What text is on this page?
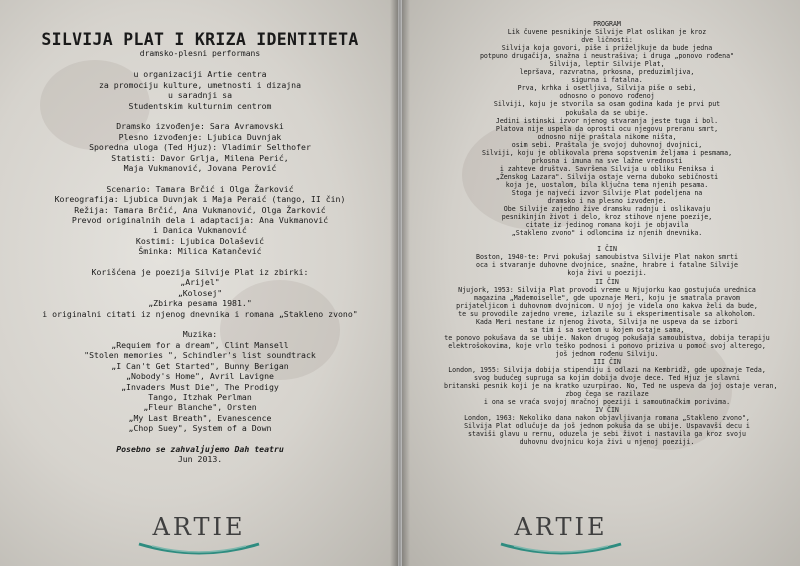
SILVIJA PLAT I KRIZA IDENTITETA
dramsko-plesni performans
u organizaciji Artie centra
za promociju kulture, umetnosti i dizajna
u saradnji sa
Studentskim kulturnim centrom
Dramsko izvođenje: Sara Avramovski
Plesno izvođenje: Ljubica Duvnjak
Sporedna uloga (Ted Hjuz): Vladimir Selthofer
Statisti: Davor Grlja, Milena Perić,
Maja Vukmanović, Jovana Perović
Scenario: Tamara Brčić i Olga Žarković
Koreografija: Ljubica Duvnjak i Maja Peraić (tango, II čin)
Režija: Tamara Brčić, Ana Vukmanović, Olga Žarković
Prevod originalnih dela i adaptacija: Ana Vukmanović
i Danica Vukmanović
Kostimi: Ljubica Dolašević
Šminka: Milica Katančević
Korišćena je poezija Silvije Plat iz zbirki:
„Arijel"
„Kolosej"
„Zbirka pesama 1981."
i originalni citati iz njenog dnevnika i romana „Stakleno zvono"
Muzika:
„Requiem for a dream", Clint Mansell
"Stolen memories ", Schindler's list soundtrack
„I Can't Get Started", Bunny Berigan
„Nobody's Home", Avril Lavigne
„Invaders Must Die", The Prodigy
Tango, Itzhak Perlman
„Fleur Blanche", Orsten
„My Last Breath", Evanescence
„Chop Suey", System of a Down
Posebno se zahvaljujemo Dah teatru
Jun 2013.
ARTIE
PROGRAM
Lik čuvene pesnikinje Silvije Plat oslikan je kroz
dve ličnosti:
Silvija koja govori, piše i priželjkuje da bude jedna
potpuno drugačija, snažna i neustrašiva; i druga „ponovo rođena"
Silvija, leptir Silvije Plat,
lepršava, razvratna, prkosna, preduzimljiva,
sigurna i fatalna.
Prva, krhka i osetljiva, Silvija piše o sebi,
odnosno o ponovo rođenoj
Silviji, koju je stvorila sa osam godina kada je prvi put
pokušala da se ubije.
Jedini istinski izvor njenog stvaranja jeste tuga i bol.
Platova nije uspela da oprosti ocu njegovu preranu smrt,
odnosno nije praštala nikome ništa,
osim sebi. Praštala je svojoj duhovnoj dvojnici,
Silviji, koju je oblikovala prema sopstvenim željama i pesmama,
prkosna i imuna na sve lažne vrednosti
i zahteve društva. Savršena Silvija u obliku Feniksa i
„Ženskog Lazara". Silvija ostaje verna duboko sebičnosti
koja je, uostalom, bila ključna tema njenih pesama.
Stoga je najveći izvor Silvije Plat podeljena na
dramsko i na plesno izvođenje.
Obe Silvije zajedno žive dramsku radnju i oslikavaju
pesnikinjin život i delo, kroz stihove njene poezije,
citate iz jedinog romana koji je objavila
„Stakleno zvono" i odlomcima iz njenih dnevnika.

I ČIN
Boston, 1940-te: Prvi pokušaj samoubistva Silvije Plat nakon smrti
oca i stvaranje duhovne dvojnice, snažne, hrabre i fatalne Silvije
koja živi u poeziji.
II ČIN
Njujork, 1953: Silvija Plat provodi vreme u Njujorku kao gostujuća urednica
magazina „Mademoiselle", gde upoznaje Meri, koju je smatrala pravom
prijateljicom i duhovnom dvojnicom. U njoj je videla ono kakva želi da bude,
te su provodile zajedno vreme, izlazile su i eksperimentisale sa alkoholom.
Kada Meri nestane iz njenog života, Silvija ne uspeva da se izbori
sa tim i sa svetom u kojem ostaje sama,
te ponovo pokušava da se ubije. Nakon drugog pokušaja samoubistva, dobija terapiju
elektrošokovima, koje vrlo teško podnosi i ponovo priziva u pomoć svoj alterego,
još jednom rođenu Silviju.
III ČIN
London, 1955: Silvija dobija stipendiju i odlazi na Kembridž, gde upoznaje Teda,
svog budućeg supruga sa kojim dobija dvoje dece. Ted Hjuz je slavni
britanski pesnik koji je na kratko uzurpirao. No, Ted ne uspeva da joj ostaje veran,
zbog čega se razilaze
i ona se vraća svojoj mračnoj poeziji i samouблačkim porivima.
IV ČIN
London, 1963: Nekoliko dana nakon objavljivanja romana „Stakleno zvono",
Silvija Plat odlučuje da još jednom pokuša da se ubije. Uspavavši decu i
staviši glavu u rernu, oduzela je sebi život i nastavila ga kroz svoju
duhovnu dvojnicu koja živi u njenoj poeziji.
ARTIE
